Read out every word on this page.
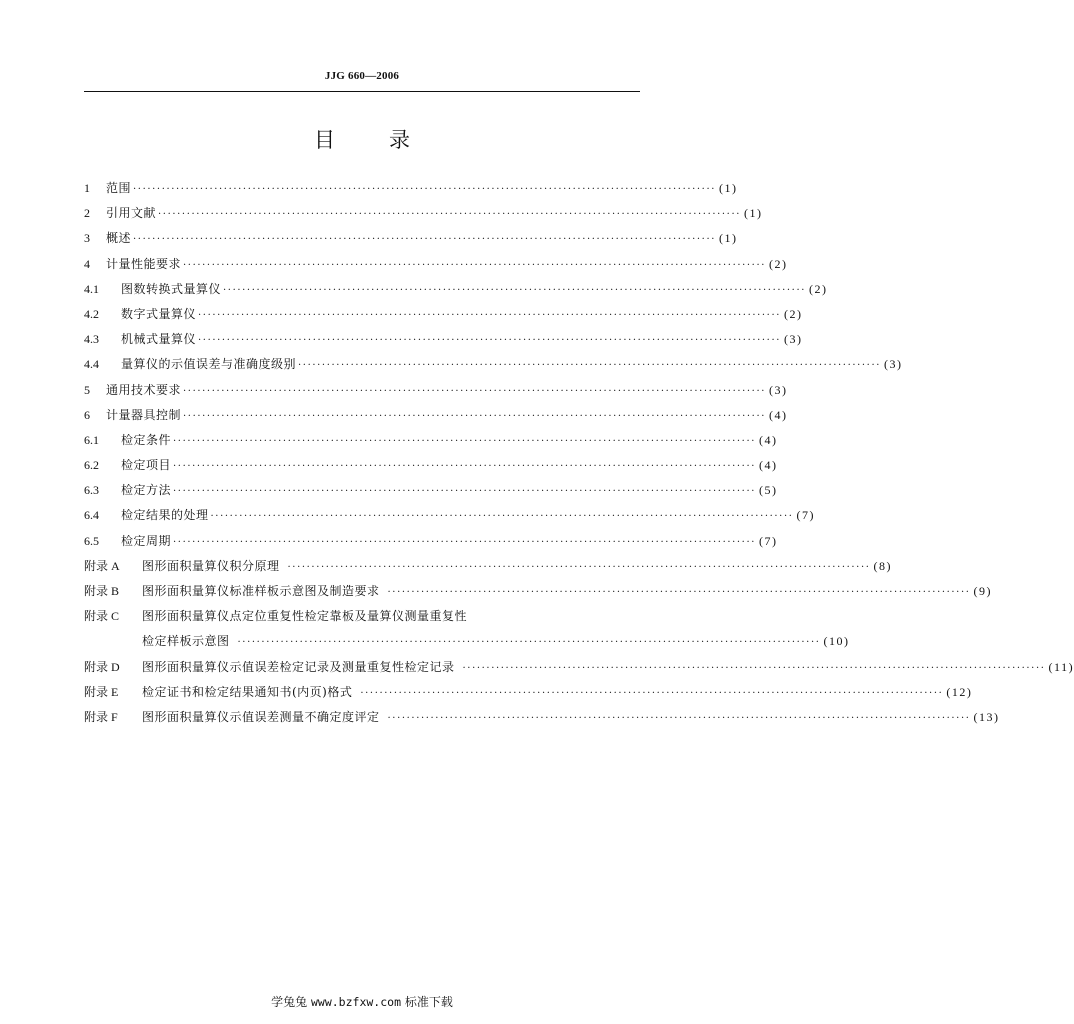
JJG 660—2006
目	录
1	范围 ·························································································································· (1)
2	引用文献 ·························································································································· (1)
3	概述 ·························································································································· (1)
4	计量性能要求 ·························································································································· (2)
4.1	图数转换式量算仪 ·························································································································· (2)
4.2	数字式量算仪 ·························································································································· (2)
4.3	机械式量算仪 ·························································································································· (3)
4.4	量算仪的示值误差与准确度级别 ·························································································································· (3)
5	通用技术要求 ·························································································································· (3)
6	计量器具控制 ·························································································································· (4)
6.1	检定条件 ·························································································································· (4)
6.2	检定项目 ·························································································································· (4)
6.3	检定方法 ·························································································································· (5)
6.4	检定结果的处理 ·························································································································· (7)
6.5	检定周期 ·························································································································· (7)
附录 A	图形面积量算仪积分原理 ·························································································································· (8)
附录 B	图形面积量算仪标准样板示意图及制造要求 ·························································································································· (9)
附录 C	图形面积量算仪点定位重复性检定靠板及量算仪测量重复性
检定样板示意图 ·························································································································· (10)
附录 D	图形面积量算仪示值误差检定记录及测量重复性检定记录 ·························································································································· (11)
附录 E	检定证书和检定结果通知书(内页)格式 ·························································································································· (12)
附录 F	图形面积量算仪示值误差测量不确定度评定 ·························································································································· (13)
学兔兔 www.bzfxw.com 标准下载
